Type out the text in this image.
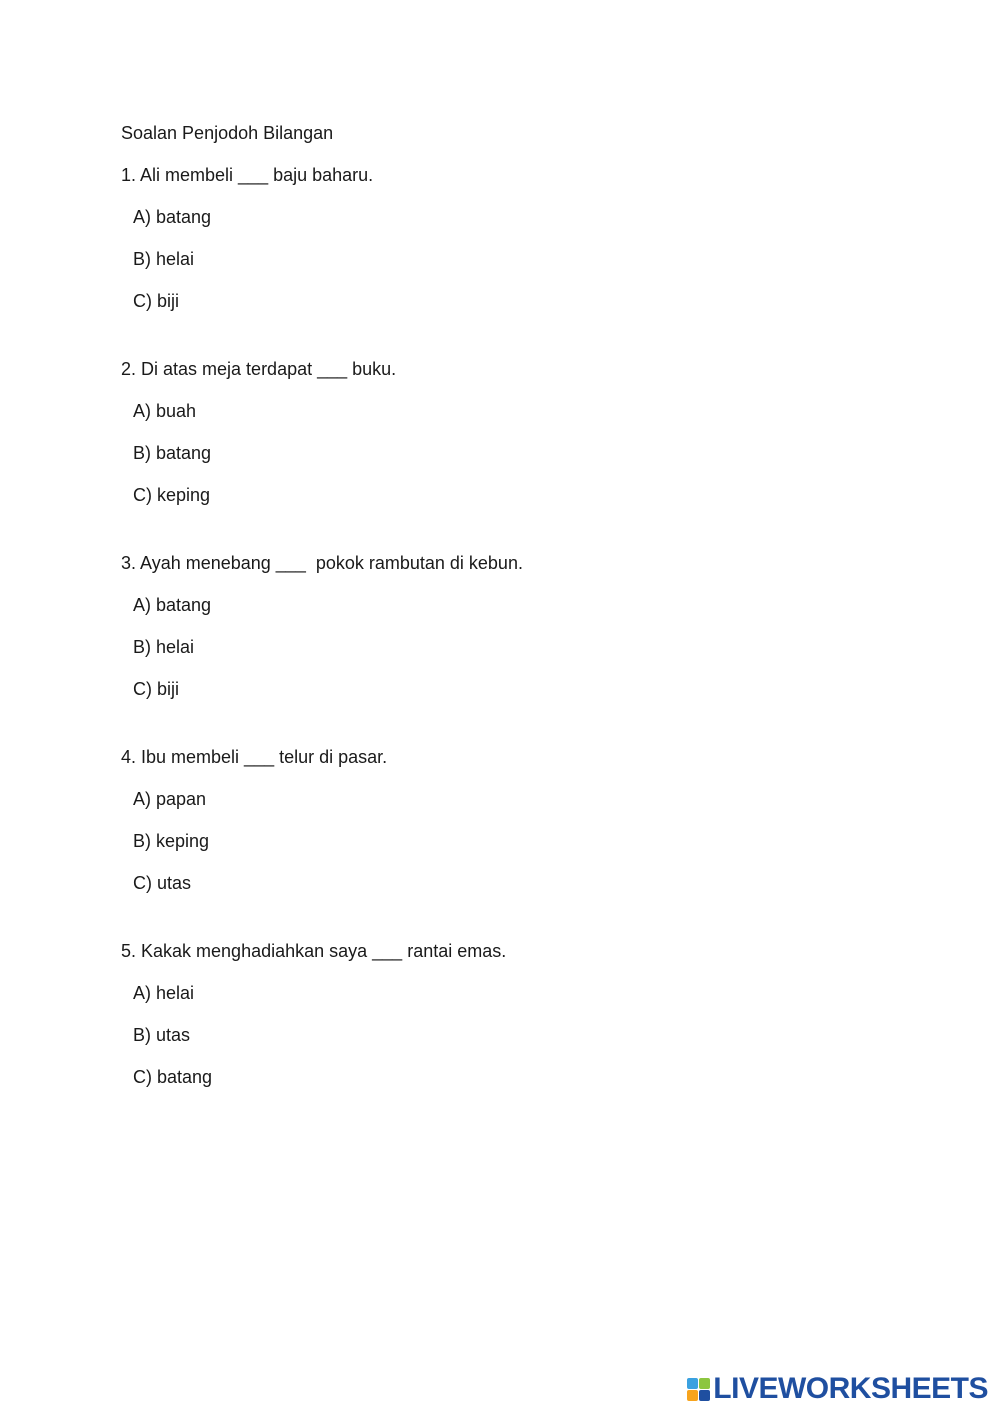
Soalan Penjodoh Bilangan
1. Ali membeli ___ baju baharu.
A) batang
B) helai
C) biji
2. Di atas meja terdapat ___ buku.
A) buah
B) batang
C) keping
3. Ayah menebang ___  pokok rambutan di kebun.
A) batang
B) helai
C) biji
4. Ibu membeli ___ telur di pasar.
A) papan
B) keping
C) utas
5. Kakak menghadiahkan saya ___ rantai emas.
A) helai
B) utas
C) batang
LIVEWORKSHEETS
